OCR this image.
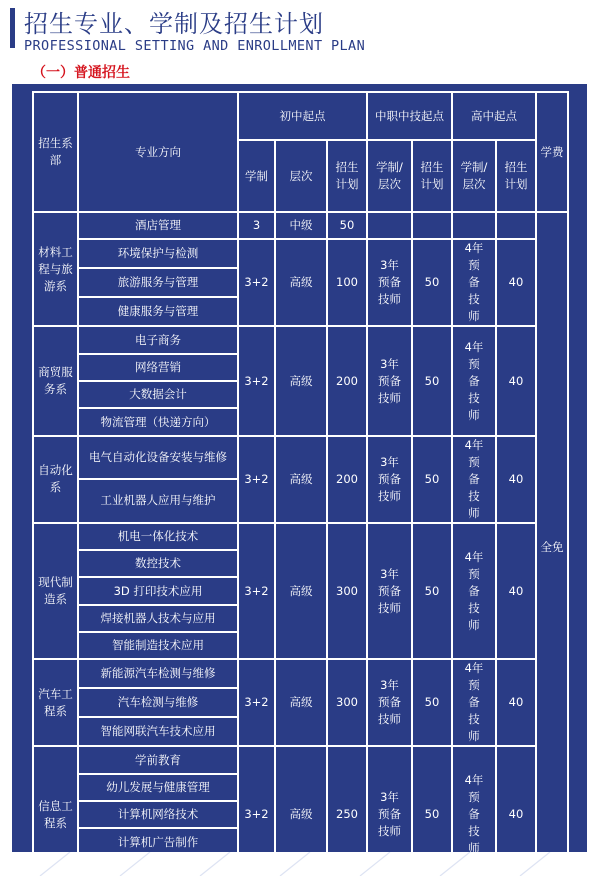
招生专业、学制及招生计划
PROFESSIONAL SETTING AND ENROLLMENT PLAN
（一）普通招生
招生系部	专业方向	初中起点			中职中技起点		高中起点		学费
		学制	层次	招生计划	学制/层次	招生计划	学制/层次	招生计划	
材料工程与旅游系	酒店管理	3	中级	50					全免
	环境保护与检测	3+2	高级	100	3年预备技师	50	4年预备技师	40	
	旅游服务与管理								
	健康服务与管理								
商贸服务系	电子商务	3+2	高级	200	3年预备技师	50	4年预备技师	40	
	网络营销								
	大数据会计								
	物流管理（快递方向）								
自动化系	电气自动化设备安装与维修	3+2	高级	200	3年预备技师	50	4年预备技师	40	
	工业机器人应用与维护								
现代制造系	机电一体化技术	3+2	高级	300	3年预备技师	50	4年预备技师	40	
	数控技术								
	3D 打印技术应用								
	焊接机器人技术与应用								
	智能制造技术应用								
汽车工程系	新能源汽车检测与维修	3+2	高级	300	3年预备技师	50	4年预备技师	40	
	汽车检测与维修								
	智能网联汽车技术应用								
信息工程系	学前教育	3+2	高级	250	3年预备技师	50	4年预备技师	40	
	幼儿发展与健康管理								
	计算机网络技术								
	计算机广告制作								
	数字媒体技术应用								
